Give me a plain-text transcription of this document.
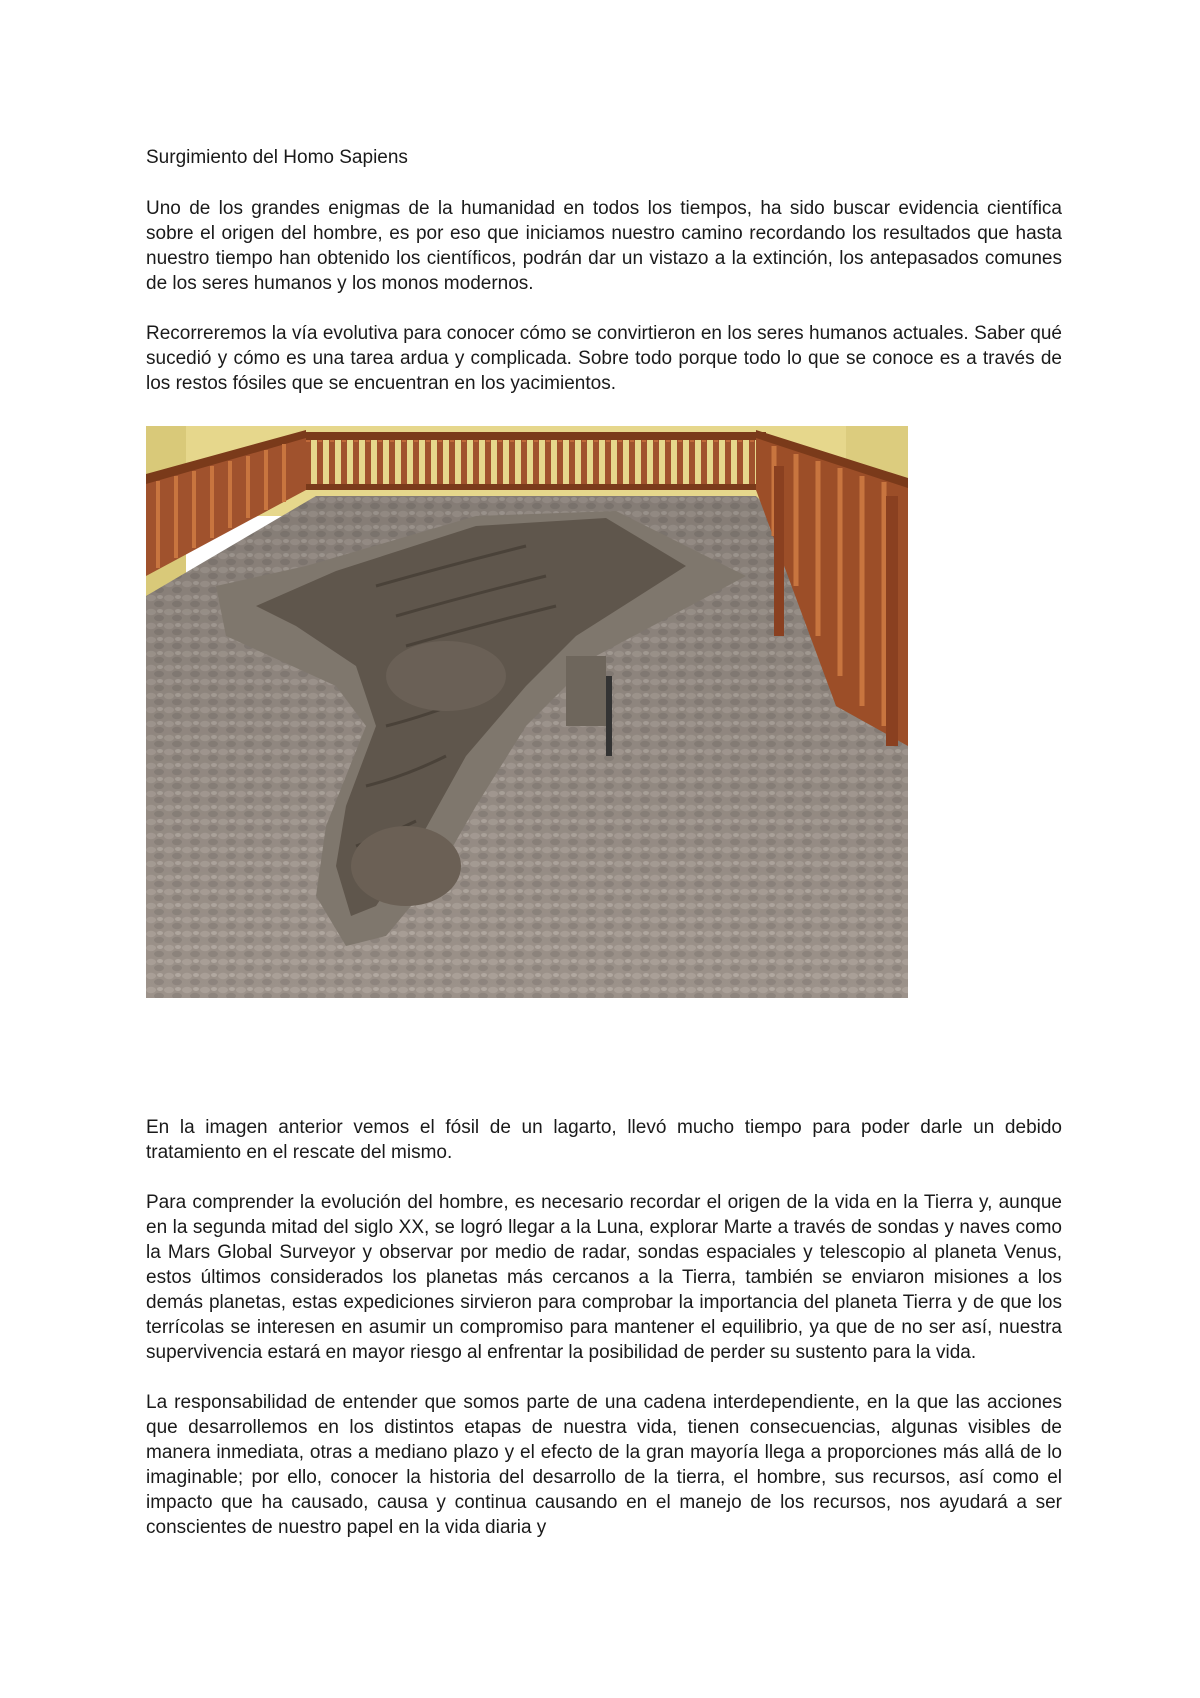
Surgimiento del Homo Sapiens

Uno de los grandes enigmas de la humanidad en todos los tiempos, ha sido buscar evidencia científica sobre el origen del hombre, es por eso que iniciamos nuestro camino recordando los resultados que hasta nuestro tiempo han obtenido los científicos, podrán dar un vistazo a la extinción, los antepasados comunes de los seres humanos y los monos modernos.

Recorreremos la vía evolutiva para conocer cómo se convirtieron en los seres humanos actuales. Saber qué sucedió y cómo es una tarea ardua y complicada. Sobre todo porque todo lo que se conoce es a través de los restos fósiles que se encuentran en los yacimientos.

En la imagen anterior vemos el fósil de un lagarto, llevó mucho tiempo para poder darle un debido tratamiento en el rescate del mismo.

Para comprender la evolución del hombre, es necesario recordar el origen de la vida en la Tierra y, aunque en la segunda mitad del siglo XX, se logró llegar a la Luna, explorar Marte a través de sondas y naves como la Mars Global Surveyor y observar por medio de radar, sondas espaciales y telescopio al planeta Venus, estos últimos considerados los planetas más cercanos a la Tierra, también se enviaron misiones a los demás planetas, estas expediciones sirvieron para comprobar la importancia del planeta Tierra y de que los terrícolas se interesen en asumir un compromiso para mantener el equilibrio, ya que de no ser así, nuestra supervivencia estará en mayor riesgo al enfrentar la posibilidad de perder su sustento para la vida.

La responsabilidad de entender que somos parte de una cadena interdependiente, en la que las acciones que desarrollemos en los distintos etapas de nuestra vida, tienen consecuencias, algunas visibles de manera inmediata, otras a mediano plazo y el efecto de la gran mayoría llega a proporciones más allá de lo imaginable; por ello, conocer la historia del desarrollo de la tierra, el hombre, sus recursos, así como el impacto que ha causado, causa y continua causando en el manejo de los recursos, nos ayudará a ser conscientes de nuestro papel en la vida diaria y
